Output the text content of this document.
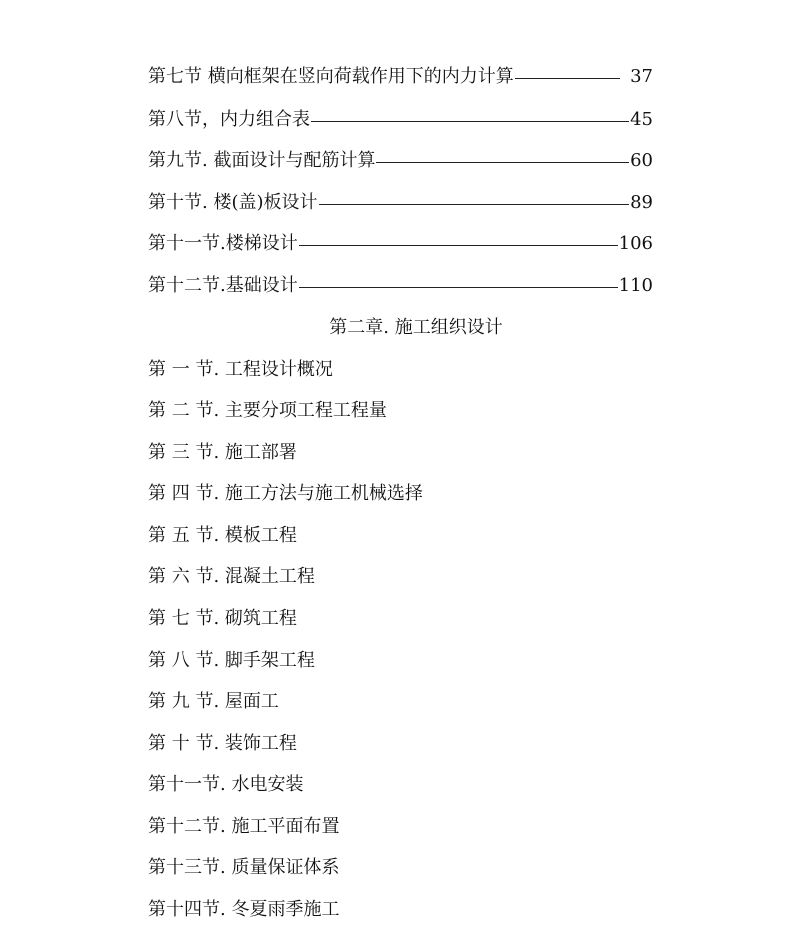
第七节 横向框架在竖向荷载作用下的内力计算	37
第八节，内力组合表	45
第九节. 截面设计与配筋计算	60
第十节. 楼(盖)板设计	89
第十一节.楼梯设计	106
第十二节.基础设计	110
第二章. 施工组织设计
第 一 节. 工程设计概况
第 二 节. 主要分项工程工程量
第 三 节. 施工部署
第 四 节. 施工方法与施工机械选择
第 五 节. 模板工程
第 六 节. 混凝土工程
第 七 节. 砌筑工程
第 八 节. 脚手架工程
第 九 节. 屋面工
第 十 节. 装饰工程
第十一节. 水电安装
第十二节. 施工平面布置
第十三节. 质量保证体系
第十四节. 冬夏雨季施工
